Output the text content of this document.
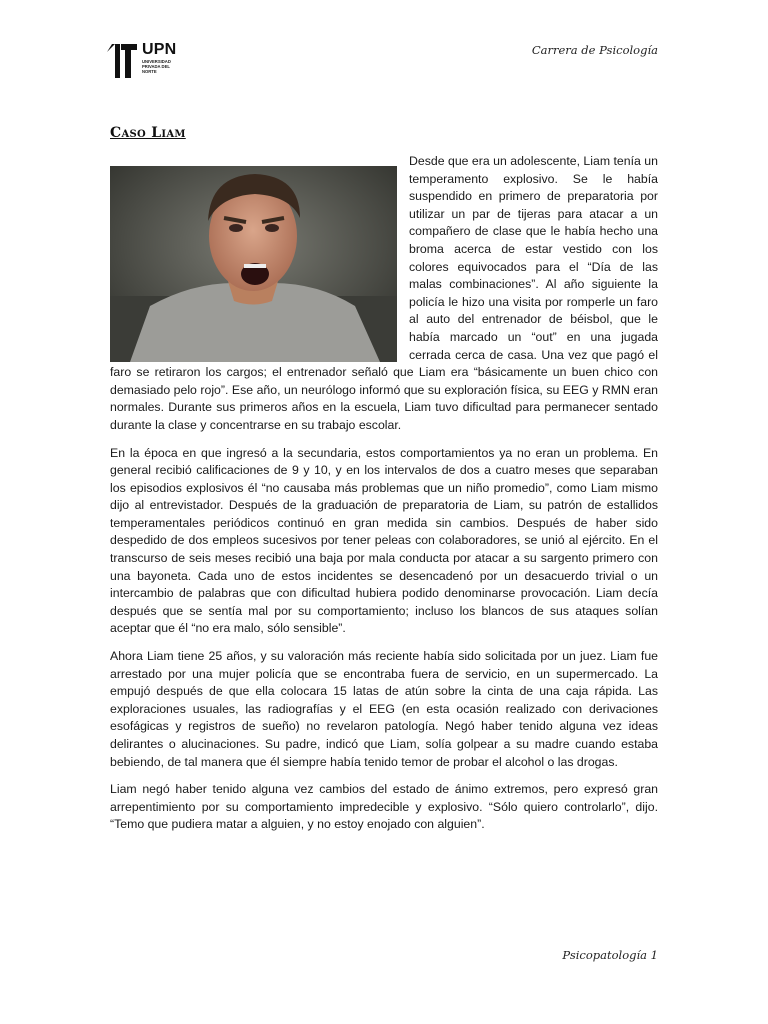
UPN
UNIVERSIDAD PRIVADA DEL NORTE
Carrera de Psicología
Caso Liam

Desde que era un adolescente, Liam tenía un temperamento explosivo. Se le había suspendido en primero de preparatoria por utilizar un par de tijeras para atacar a un compañero de clase que le había hecho una broma acerca de estar vestido con los colores equivocados para el “Día de las malas combinaciones”. Al año siguiente la policía le hizo una visita por romperle un faro al auto del entrenador de béisbol, que le había marcado un “out” en una jugada cerrada cerca de casa. Una vez que pagó el faro se retiraron los cargos; el entrenador señaló que Liam era “básicamente un buen chico con demasiado pelo rojo”. Ese año, un neurólogo informó que su exploración física, su EEG y RMN eran normales. Durante sus primeros años en la escuela, Liam tuvo dificultad para permanecer sentado durante la clase y concentrarse en su trabajo escolar.

En la época en que ingresó a la secundaria, estos comportamientos ya no eran un problema. En general recibió calificaciones de 9 y 10, y en los intervalos de dos a cuatro meses que separaban los episodios explosivos él “no causaba más problemas que un niño promedio”, como Liam mismo dijo al entrevistador. Después de la graduación de preparatoria de Liam, su patrón de estallidos temperamentales periódicos continuó en gran medida sin cambios. Después de haber sido despedido de dos empleos sucesivos por tener peleas con colaboradores, se unió al ejército. En el transcurso de seis meses recibió una baja por mala conducta por atacar a su sargento primero con una bayoneta. Cada uno de estos incidentes se desencadenó por un desacuerdo trivial o un intercambio de palabras que con dificultad hubiera podido denominarse provocación. Liam decía después que se sentía mal por su comportamiento; incluso los blancos de sus ataques solían aceptar que él “no era malo, sólo sensible”.

Ahora Liam tiene 25 años, y su valoración más reciente había sido solicitada por un juez. Liam fue arrestado por una mujer policía que se encontraba fuera de servicio, en un supermercado. La empujó después de que ella colocara 15 latas de atún sobre la cinta de una caja rápida. Las exploraciones usuales, las radiografías y el EEG (en esta ocasión realizado con derivaciones esofágicas y registros de sueño) no revelaron patología. Negó haber tenido alguna vez ideas delirantes o alucinaciones. Su padre, indicó que Liam, solía golpear a su madre cuando estaba bebiendo, de tal manera que él siempre había tenido temor de probar el alcohol o las drogas.

Liam negó haber tenido alguna vez cambios del estado de ánimo extremos, pero expresó gran arrepentimiento por su comportamiento impredecible y explosivo. “Sólo quiero controlarlo”, dijo. “Temo que pudiera matar a alguien, y no estoy enojado con alguien”.

Psicopatología 1
